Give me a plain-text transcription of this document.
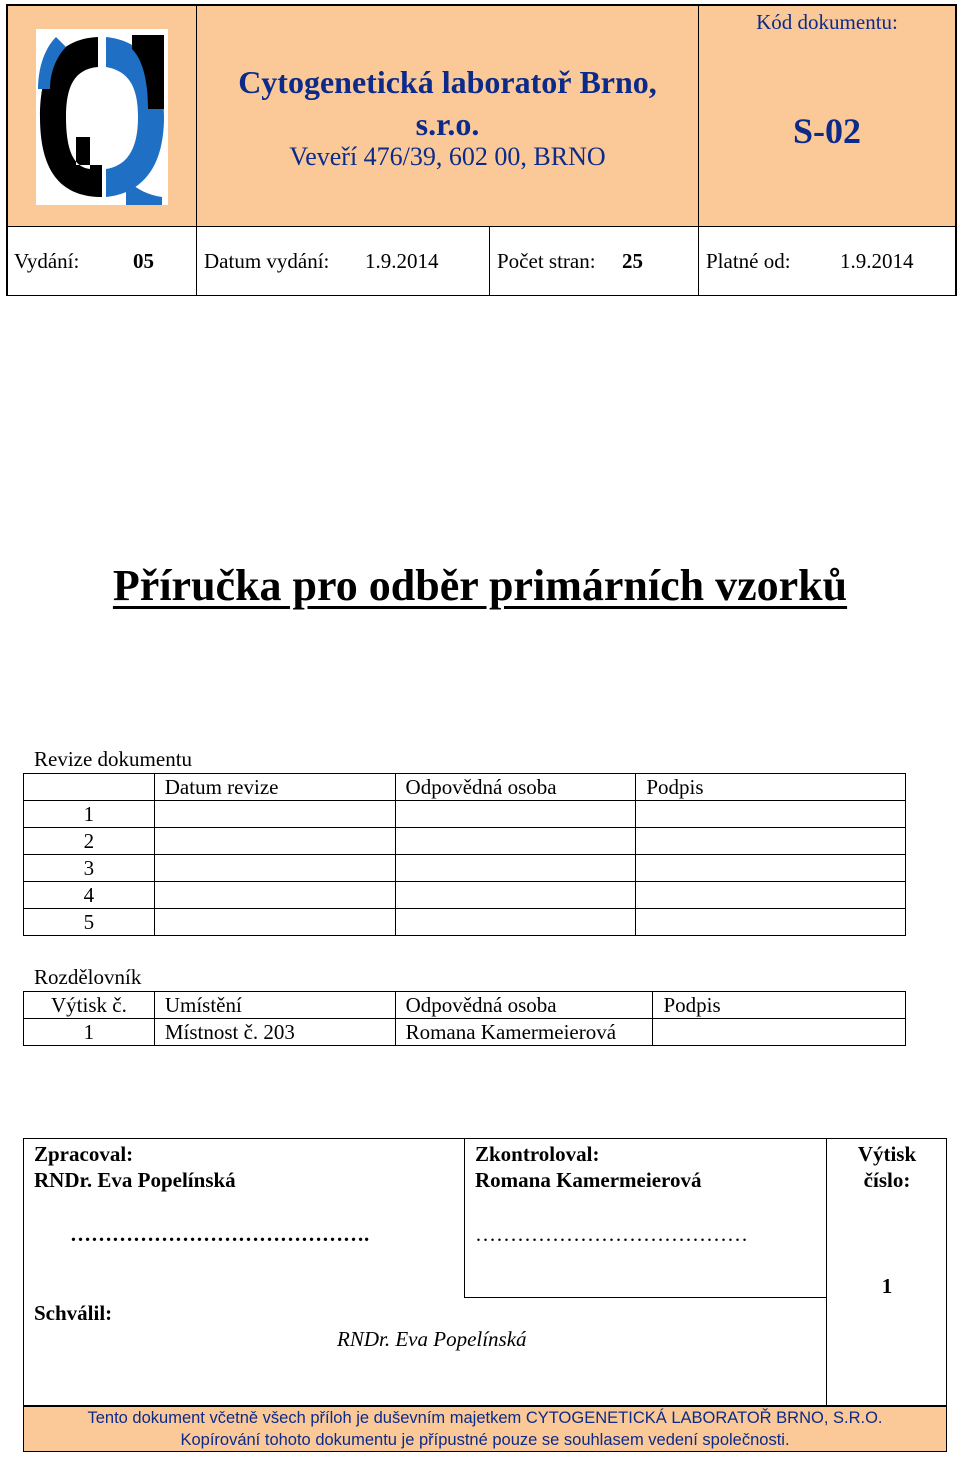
Cytogenetická laboratoř Brno,
s.r.o.
Veveří 476/39, 602 00, BRNO
Kód dokumentu:
S-02
Vydání:	05 Datum vydání: 1.9.2014	Počet stran: 25	Platné od: 1.9.2014
Příručka pro odběr primárních vzorků
Revize dokumentu
	Datum revize	Odpovědná osoba	Podpis
1			
2			
3			
4			
5			
Rozdělovník
Výtisk č.	Umístění	Odpovědná osoba	Podpis
1	Místnost č. 203	Romana Kamermeierová	
Zpracoval:
RNDr. Eva Popelínská
…………………………………….
Zkontroloval:
Romana Kamermeierová
…………………………………
Výtisk
číslo:
1
Schválil:
RNDr. Eva Popelínská
Tento dokument včetně všech příloh je duševním majetkem CYTOGENETICKÁ LABORATOŘ BRNO, S.R.O.
Kopírování tohoto dokumentu je přípustné pouze se souhlasem vedení společnosti.
